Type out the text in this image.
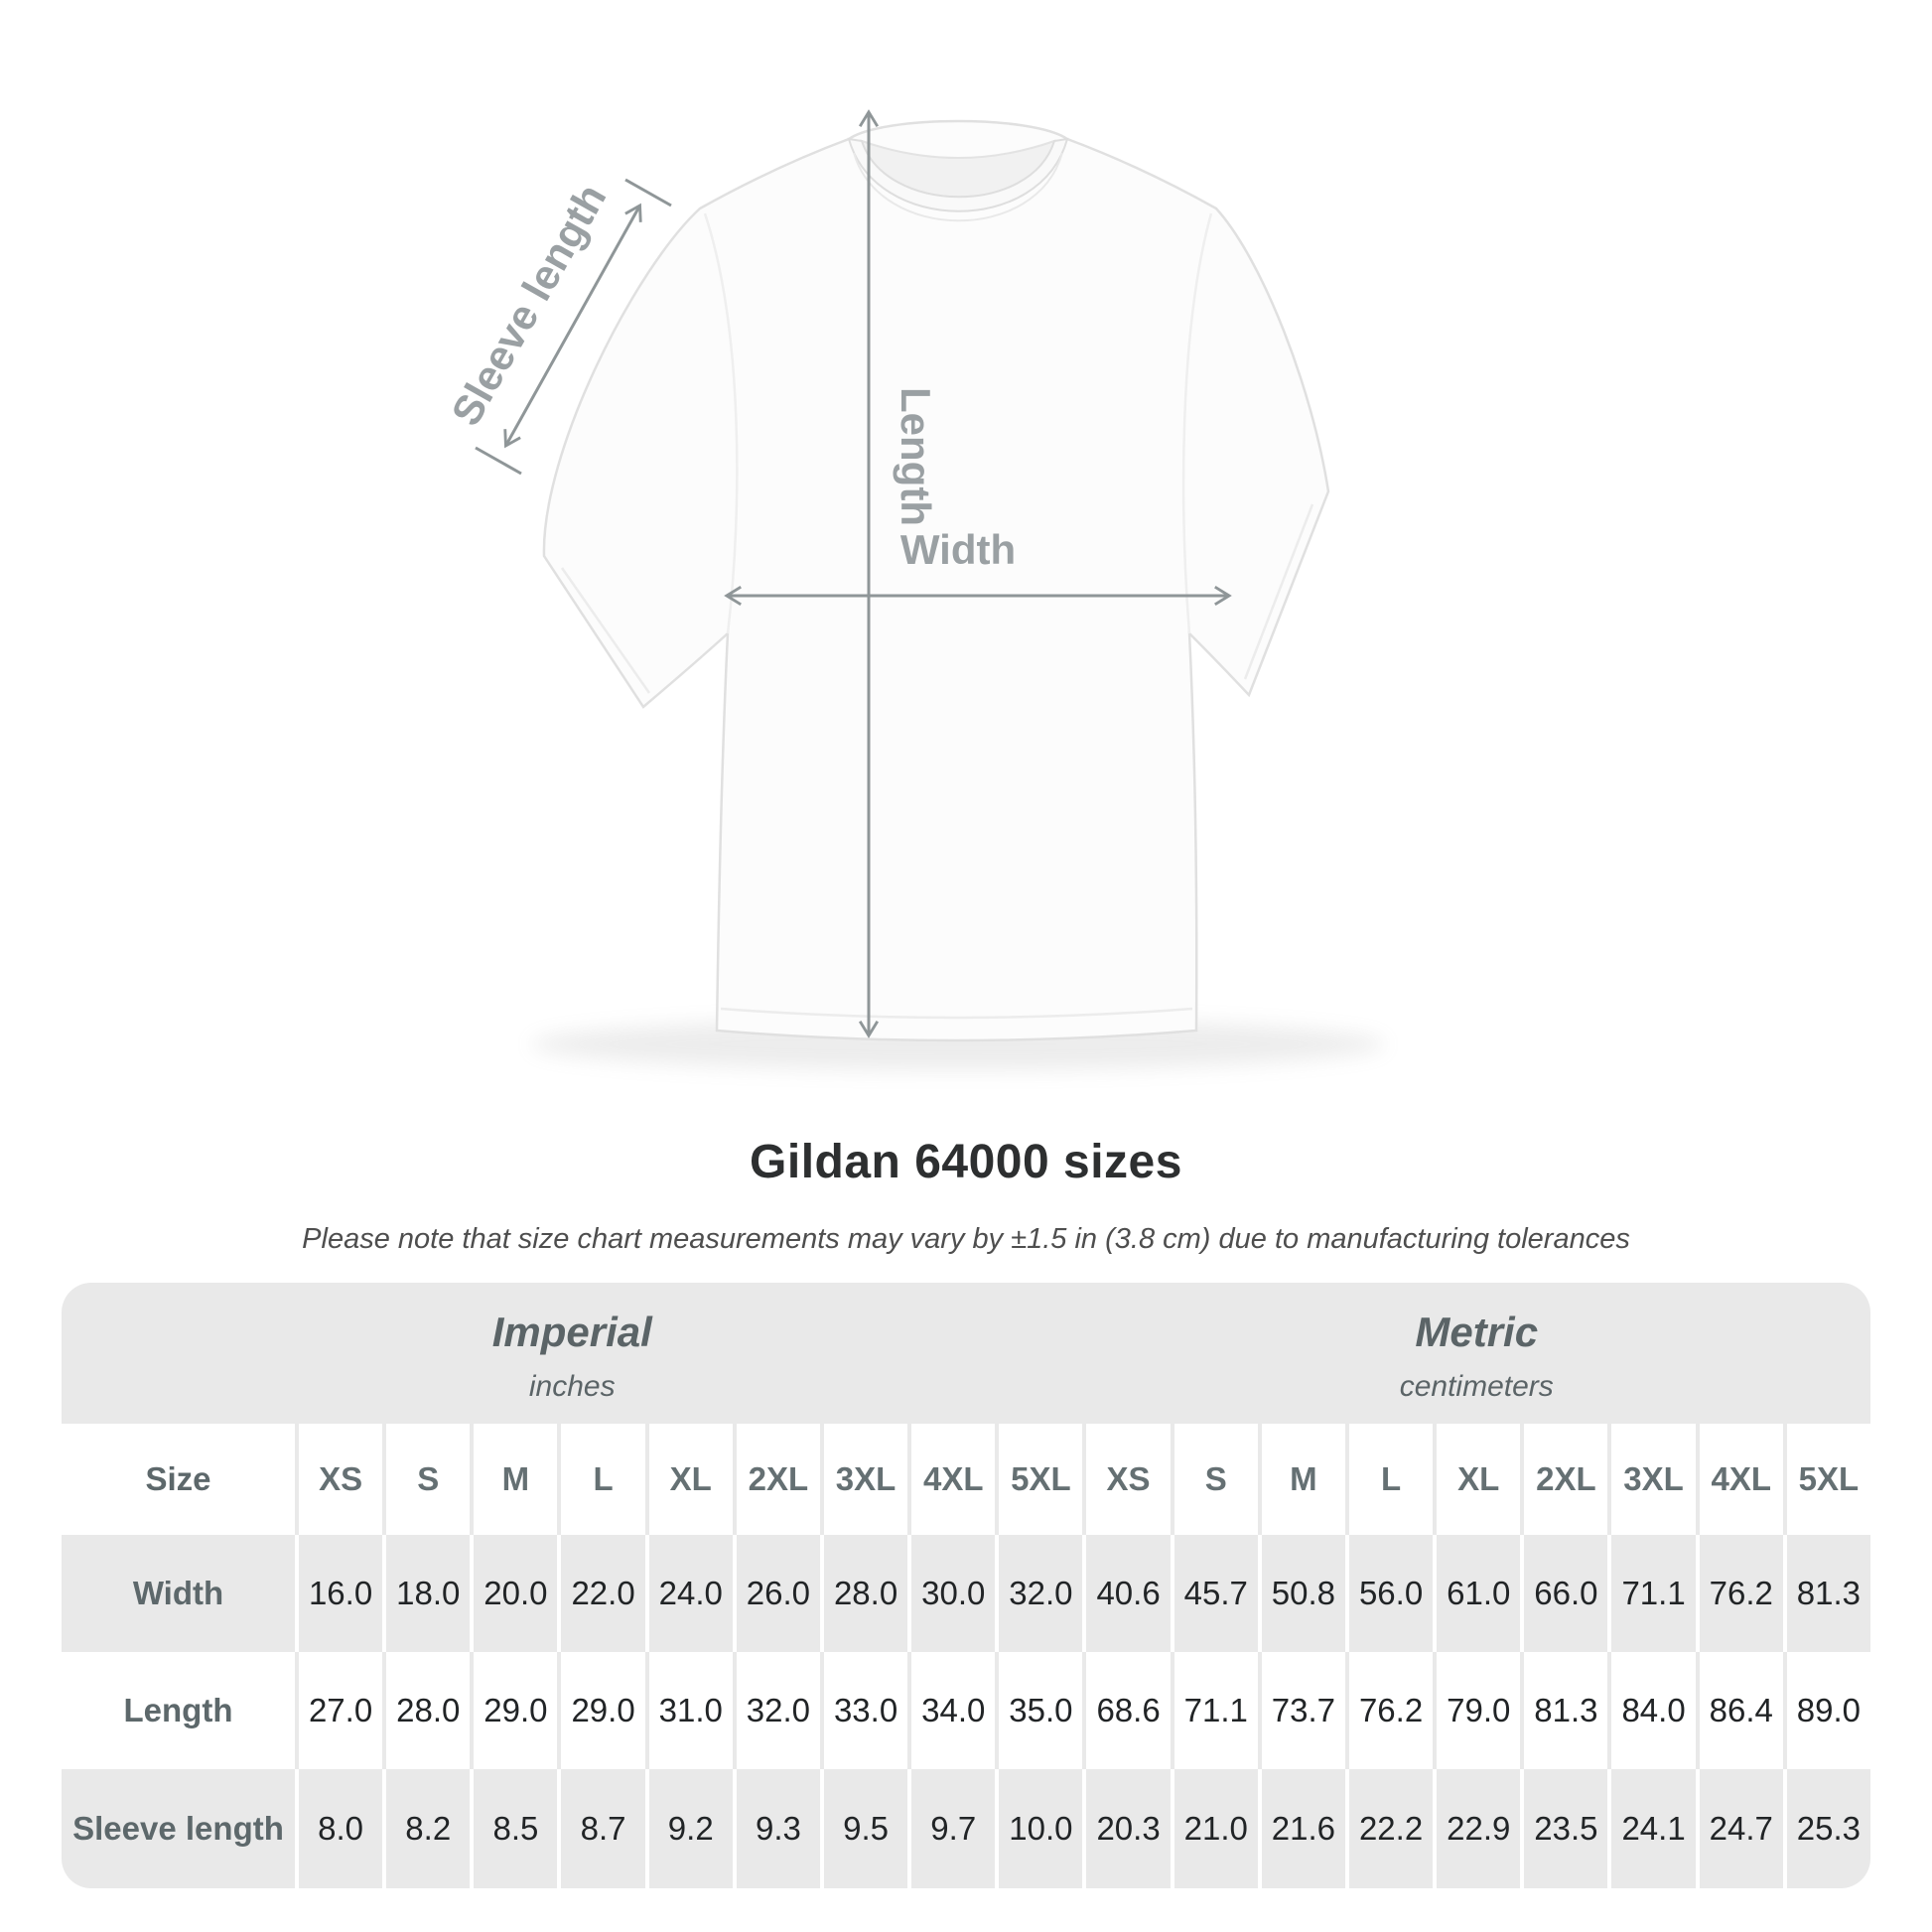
Sleeve length
Length
Width
Gildan 64000 sizes
Please note that size chart measurements may vary by ±1.5 in (3.8 cm) due to manufacturing tolerances
Imperial
inches
Metric
centimeters
Size	XS	S	M	L	XL	2XL 3XL 4XL 5XL	XS	S	M	L	XL	2XL 3XL 4XL 5XL
Width	16.0 18.0 20.0 22.0 24.0 26.0 28.0 30.0 32.0 40.6 45.7 50.8 56.0 61.0 66.0 71.1 76.2 81.3
Length	27.0 28.0 29.0 29.0 31.0 32.0 33.0 34.0 35.0 68.6 71.1 73.7 76.2 79.0 81.3 84.0 86.4 89.0
Sleeve length	8.0	8.2	8.5	8.7	9.2	9.3	9.5	9.7	10.0 20.3 21.0 21.6 22.2 22.9 23.5 24.1 24.7 25.3
